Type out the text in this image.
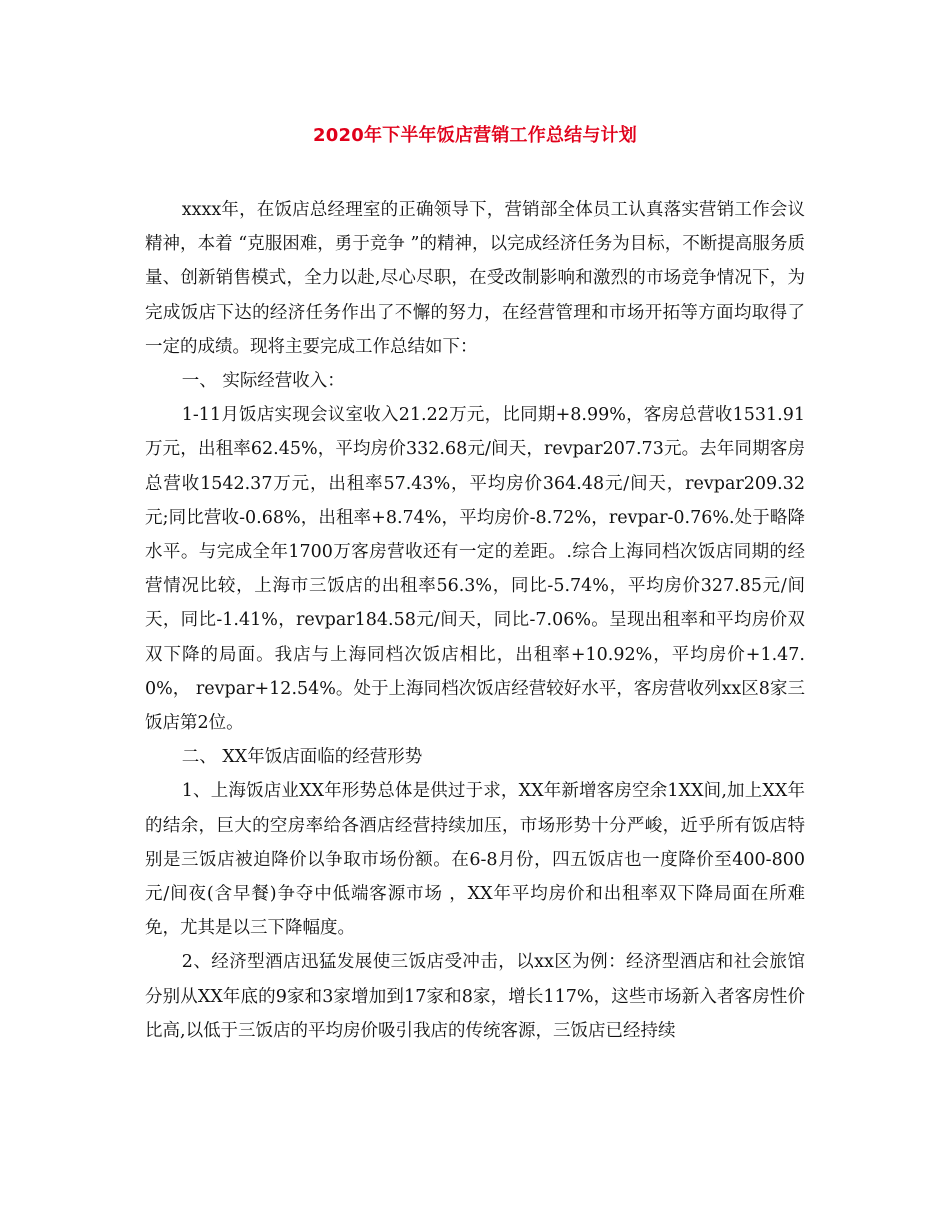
2020年下半年饭店营销工作总结与计划

xxxx年，在饭店总经理室的正确领导下，营销部全体员工认真落实营销工作会议精神，本着 “克服困难，勇于竞争 ”的精神，以完成经济任务为目标，不断提高服务质量、创新销售模式，全力以赴,尽心尽职，在受改制影响和激烈的市场竞争情况下，为完成饭店下达的经济任务作出了不懈的努力，在经营管理和市场开拓等方面均取得了一定的成绩。现将主要完成工作总结如下：

一、 实际经营收入：

1-11月饭店实现会议室收入21.22万元，比同期+8.99%，客房总营收1531.91万元，出租率62.45%，平均房价332.68元/间天，revpar207.73元。去年同期客房总营收1542.37万元，出租率57.43%，平均房价364.48元/间天，revpar209.32元;同比营收-0.68%，出租率+8.74%，平均房价-8.72%，revpar-0.76%.处于略降水平。与完成全年1700万客房营收还有一定的差距。.综合上海同档次饭店同期的经营情况比较，上海市三饭店的出租率56.3%，同比-5.74%，平均房价327.85元/间天，同比-1.41%，revpar184.58元/间天，同比-7.06%。呈现出租率和平均房价双双下降的局面。我店与上海同档次饭店相比，出租率+10.92%，平均房价+1.47.0%， revpar+12.54%。处于上海同档次饭店经营较好水平，客房营收列xx区8家三饭店第2位。

二、 XX年饭店面临的经营形势

1、上海饭店业XX年形势总体是供过于求，XX年新增客房空余1XX间,加上XX年的结余，巨大的空房率给各酒店经营持续加压，市场形势十分严峻，近乎所有饭店特别是三饭店被迫降价以争取市场份额。在6-8月份，四五饭店也一度降价至400-800元/间夜(含早餐)争夺中低端客源市场 ，XX年平均房价和出租率双下降局面在所难免，尤其是以三下降幅度。

2、经济型酒店迅猛发展使三饭店受冲击，以xx区为例：经济型酒店和社会旅馆分别从XX年底的9家和3家增加到17家和8家，增长117%，这些市场新入者客房性价比高,以低于三饭店的平均房价吸引我店的传统客源，三饭店已经持续
